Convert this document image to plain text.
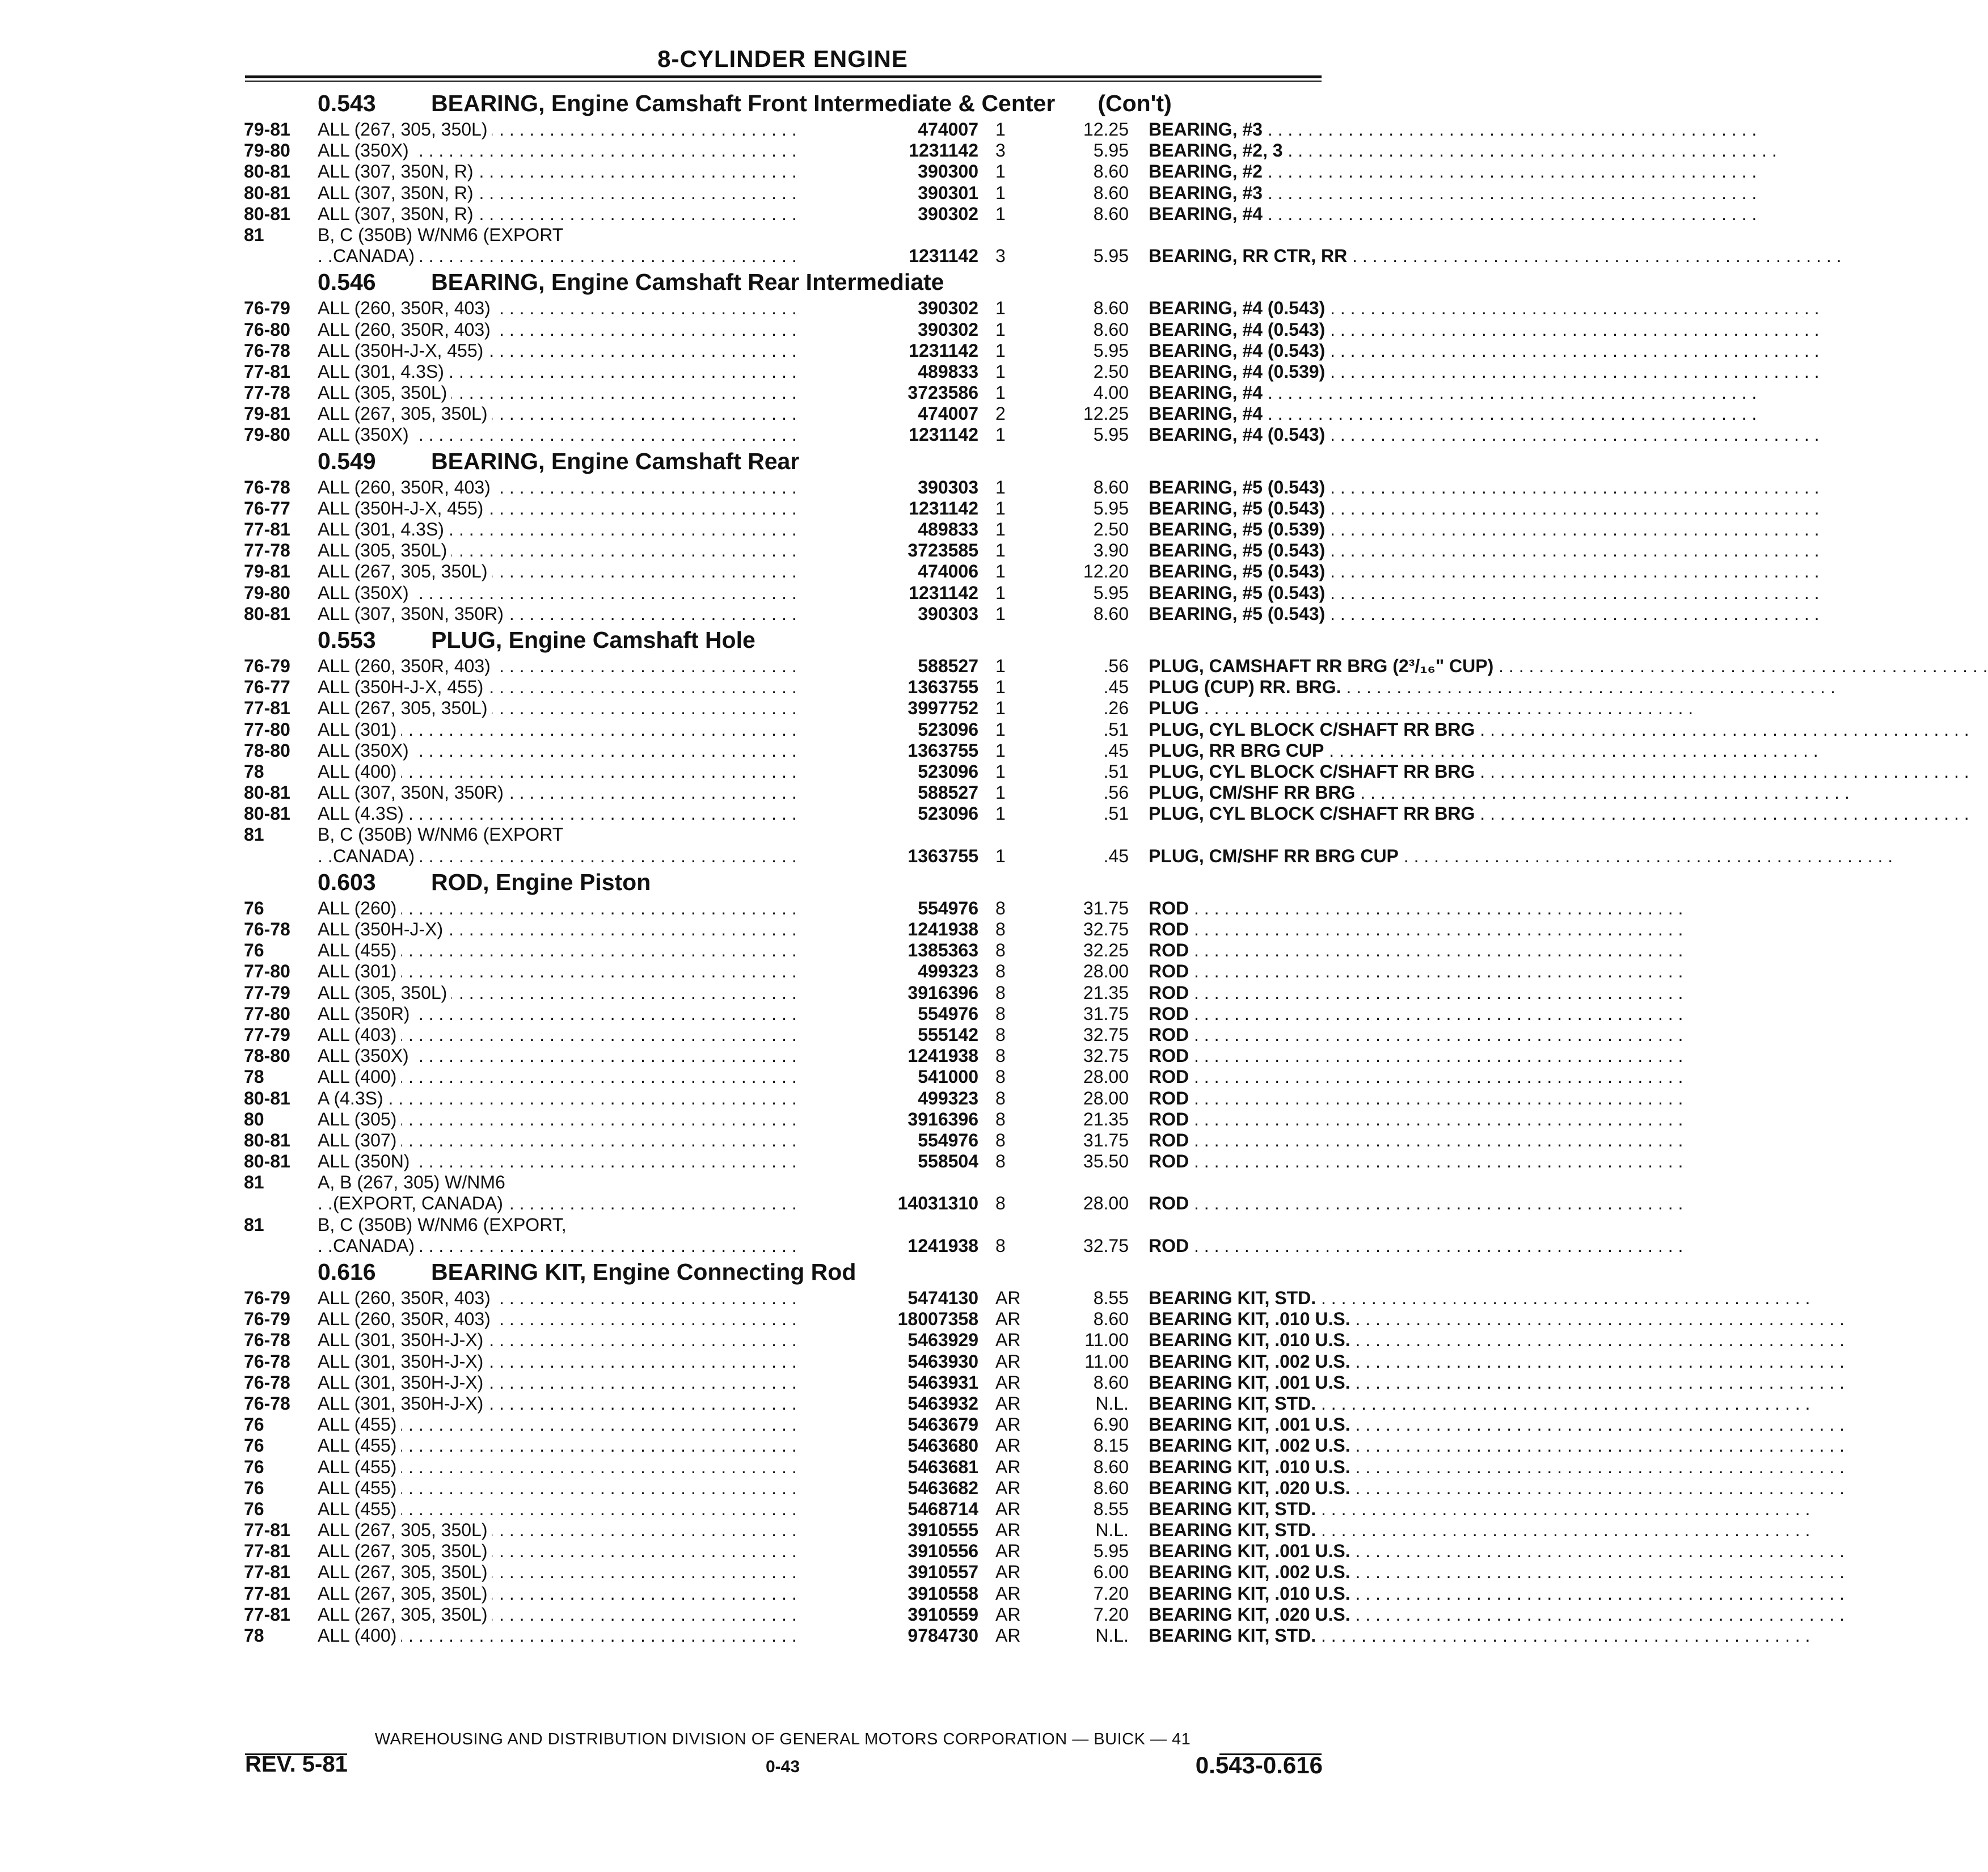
8-CYLINDER ENGINE
0.543	BEARING, Engine Camshaft Front Intermediate & Center (Con't)
79-81 . . .	ALL (267, 305, 350L)	474007 1	12.25 BEARING, #3 . . .
79-80 . . .	ALL (350X)	1231142 3	5.95 BEARING, #2, 3 . . .
80-81 . . .	ALL (307, 350N, R)	390300 1	8.60 BEARING, #2 . . .
80-81 . . .	ALL (307, 350N, R)	390301 1	8.60 BEARING, #3 . . .
80-81 . . .	ALL (307, 350N, R)	390302 1	8.60 BEARING, #4 . . .
81	B, C (350B) W/NM6 (EXPORT
. . .
CANADA)	1231142 3	5.95 BEARING, RR CTR, RR . . .
0.546	BEARING, Engine Camshaft Rear Intermediate
76-79 . . .	ALL (260, 350R, 403)	390302 1	8.60 BEARING, #4 (0.543) . . .
76-80 . . .	ALL (260, 350R, 403)	390302 1	8.60 BEARING, #4 (0.543) . . .
76-78 . . .	ALL (350H-J-X, 455)	1231142 1	5.95 BEARING, #4 (0.543) . . .
77-81 . . .	ALL (301, 4.3S)	489833 1	2.50 BEARING, #4 (0.539) . . .
77-78 . . .	ALL (305, 350L)	3723586 1	4.00 BEARING, #4 . . .
79-81 . . .	ALL (267, 305, 350L)	474007 2	12.25 BEARING, #4 . . .
79-80 . . .	ALL (350X)	1231142 1	5.95 BEARING, #4 (0.543) . . .
0.549	BEARING, Engine Camshaft Rear
76-78 . . .	ALL (260, 350R, 403)	390303 1	8.60 BEARING, #5 (0.543) . . .
76-77 . . .	ALL (350H-J-X, 455)	1231142 1	5.95 BEARING, #5 (0.543) . . .
77-81 . . .	ALL (301, 4.3S)	489833 1	2.50 BEARING, #5 (0.539) . . .
77-78 . . .	ALL (305, 350L)	3723585 1	3.90 BEARING, #5 (0.543) . . .
79-81 . . .	ALL (267, 305, 350L)	474006 1	12.20 BEARING, #5 (0.543) . . .
79-80 . . .	ALL (350X)	1231142 1	5.95 BEARING, #5 (0.543) . . .
80-81 . . .	ALL (307, 350N, 350R)	390303 1	8.60 BEARING, #5 (0.543) . . .
0.553	PLUG, Engine Camshaft Hole
76-79 . . .	ALL (260, 350R, 403)	588527 1	.56 PLUG, CAMSHAFT RR BRG (2³/₁₆" CUP) . . .
76-77 . . .	ALL (350H-J-X, 455)	1363755 1	.45 PLUG (CUP) RR. BRG. . . .
77-81 . . .	ALL (267, 305, 350L)	3997752 1	.26 PLUG . . .
77-80 . . .	ALL (301)	523096 1	.51 PLUG, CYL BLOCK C/SHAFT RR BRG . . .
78-80 . . .	ALL (350X)	1363755 1	.45 PLUG, RR BRG CUP . . .
78 . . .	ALL (400)	523096 1	.51 PLUG, CYL BLOCK C/SHAFT RR BRG . . .
80-81 . . .	ALL (307, 350N, 350R)	588527 1	.56 PLUG, CM/SHF RR BRG . . .
80-81 . . .	ALL (4.3S)	523096 1	.51 PLUG, CYL BLOCK C/SHAFT RR BRG . . .
81	B, C (350B) W/NM6 (EXPORT
. . .
CANADA)	1363755 1	.45 PLUG, CM/SHF RR BRG CUP . . .
0.603	ROD, Engine Piston
76 . . .	ALL (260)	554976 8	31.75 ROD . . .
76-78 . . .	ALL (350H-J-X)	1241938 8	32.75 ROD . . .
76 . . .	ALL (455)	1385363 8	32.25 ROD . . .
77-80 . . .	ALL (301)	499323 8	28.00 ROD . . .
77-79 . . .	ALL (305, 350L)	3916396 8	21.35 ROD . . .
77-80 . . .	ALL (350R)	554976 8	31.75 ROD . . .
77-79 . . .	ALL (403)	555142 8	32.75 ROD . . .
78-80 . . .	ALL (350X)	1241938 8	32.75 ROD . . .
78 . . .	ALL (400)	541000 8	28.00 ROD . . .
80-81 . . .	A (4.3S)	499323 8	28.00 ROD . . .
80 . . .	ALL (305)	3916396 8	21.35 ROD . . .
80-81 . . .	ALL (307)	554976 8	31.75 ROD . . .
80-81 . . .	ALL (350N)	558504 8	35.50 ROD . . .
81	A, B (267, 305) W/NM6
. . .
(EXPORT, CANADA)	14031310 8	28.00 ROD . . .
81	B, C (350B) W/NM6 (EXPORT,
. . .
CANADA)	1241938 8	32.75 ROD . . .
0.616	BEARING KIT, Engine Connecting Rod
76-79 . . .	ALL (260, 350R, 403)	5474130 AR	8.55 BEARING KIT, STD. . . .
76-79 . . .	ALL (260, 350R, 403)	18007358 AR	8.60 BEARING KIT, .010 U.S. . . .
76-78 . . .	ALL (301, 350H-J-X)	5463929 AR	11.00 BEARING KIT, .010 U.S. . . .
76-78 . . .	ALL (301, 350H-J-X)	5463930 AR	11.00 BEARING KIT, .002 U.S. . . .
76-78 . . .	ALL (301, 350H-J-X)	5463931 AR	8.60 BEARING KIT, .001 U.S. . . .
76-78 . . .	ALL (301, 350H-J-X)	5463932 AR	N.L. BEARING KIT, STD. . . .
76 . . .	ALL (455)	5463679 AR	6.90 BEARING KIT, .001 U.S. . . .
76 . . .	ALL (455)	5463680 AR	8.15 BEARING KIT, .002 U.S. . . .
76 . . .	ALL (455)	5463681 AR	8.60 BEARING KIT, .010 U.S. . . .
76 . . .	ALL (455)	5463682 AR	8.60 BEARING KIT, .020 U.S. . . .
76 . . .	ALL (455)	5468714 AR	8.55 BEARING KIT, STD. . . .
77-81 . . .	ALL (267, 305, 350L)	3910555 AR	N.L. BEARING KIT, STD. . . .
77-81 . . .	ALL (267, 305, 350L)	3910556 AR	5.95 BEARING KIT, .001 U.S. . . .
77-81 . . .	ALL (267, 305, 350L)	3910557 AR	6.00 BEARING KIT, .002 U.S. . . .
77-81 . . .	ALL (267, 305, 350L)	3910558 AR	7.20 BEARING KIT, .010 U.S. . . .
77-81 . . .	ALL (267, 305, 350L)	3910559 AR	7.20 BEARING KIT, .020 U.S. . . .
78 . . .	ALL (400)	9784730 AR	N.L. BEARING KIT, STD. . . .
WAREHOUSING AND DISTRIBUTION DIVISION OF GENERAL MOTORS CORPORATION — BUICK — 41
REV. 5-81	0-43	0.543-0.616
